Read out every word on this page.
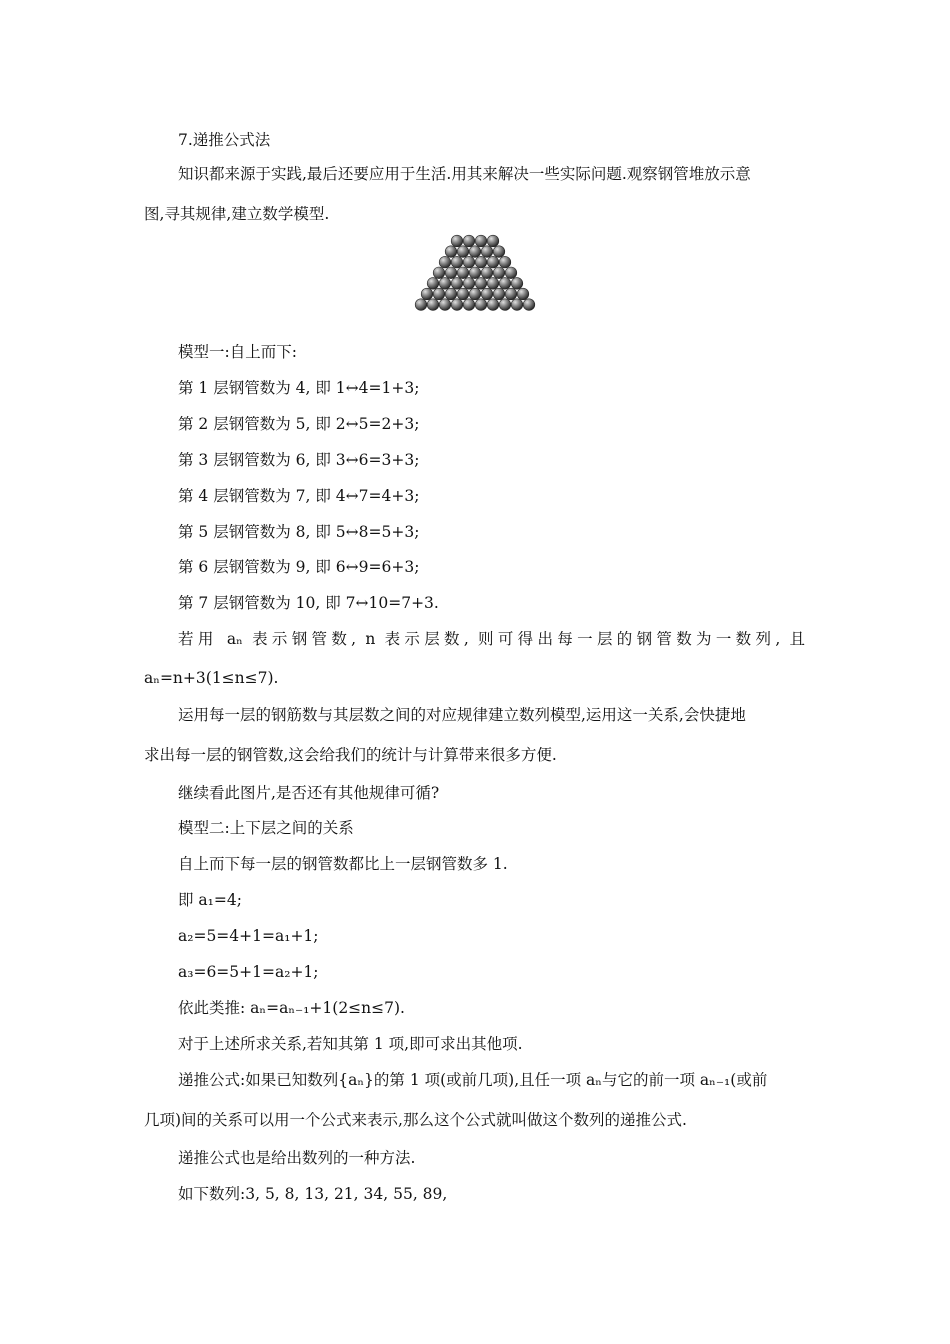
7.递推公式法
知识都来源于实践,最后还要应用于生活.用其来解决一些实际问题.观察钢管堆放示意
图,寻其规律,建立数学模型.
模型一:自上而下:
第 1 层钢管数为 4, 即 1↔4=1+3;
第 2 层钢管数为 5, 即 2↔5=2+3;
第 3 层钢管数为 6, 即 3↔6=3+3;
第 4 层钢管数为 7, 即 4↔7=4+3;
第 5 层钢管数为 8, 即 5↔8=5+3;
第 6 层钢管数为 9, 即 6↔9=6+3;
第 7 层钢管数为 10, 即 7↔10=7+3.
若用 aₙ 表示钢管数, n 表示层数, 则可得出每一层的钢管数为一数列, 且
aₙ=n+3(1≤n≤7).
运用每一层的钢筋数与其层数之间的对应规律建立数列模型,运用这一关系,会快捷地
求出每一层的钢管数,这会给我们的统计与计算带来很多方便.
继续看此图片,是否还有其他规律可循?
模型二:上下层之间的关系
自上而下每一层的钢管数都比上一层钢管数多 1.
即 a₁=4;
a₂=5=4+1=a₁+1;
a₃=6=5+1=a₂+1;
依此类推: aₙ=aₙ₋₁+1(2≤n≤7).
对于上述所求关系,若知其第 1 项,即可求出其他项.
递推公式:如果已知数列{aₙ}的第 1 项(或前几项),且任一项 aₙ与它的前一项 aₙ₋₁(或前
几项)间的关系可以用一个公式来表示,那么这个公式就叫做这个数列的递推公式.
递推公式也是给出数列的一种方法.
如下数列:3, 5, 8, 13, 21, 34, 55, 89,
